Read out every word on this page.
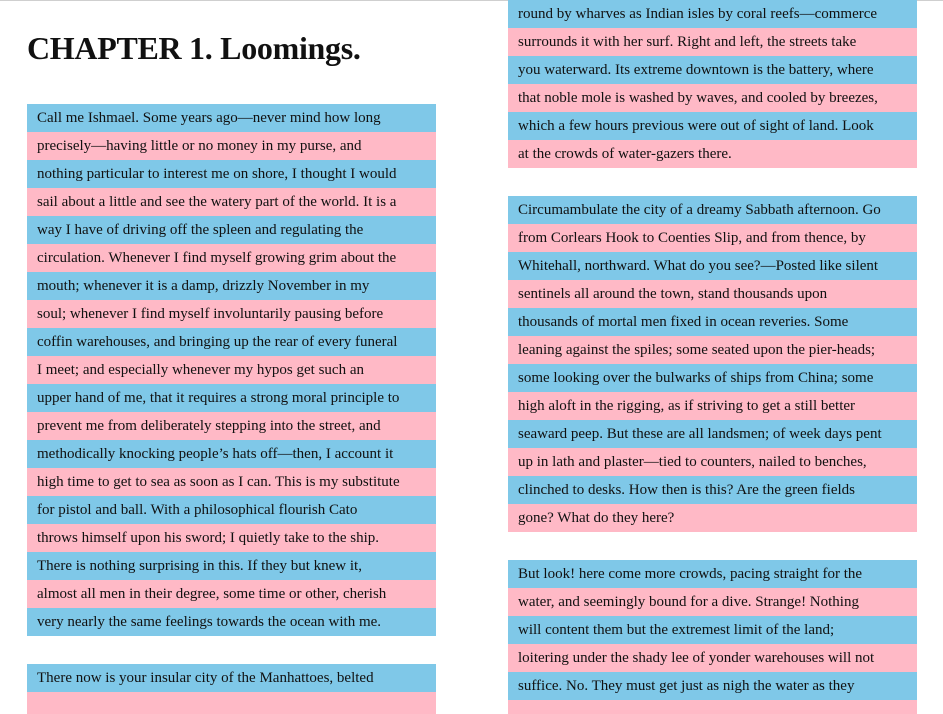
CHAPTER 1. Loomings.

Call me Ishmael. Some years ago—never mind how long
precisely—having little or no money in my purse, and
nothing particular to interest me on shore, I thought I would
sail about a little and see the watery part of the world. It is a
way I have of driving off the spleen and regulating the
circulation. Whenever I find myself growing grim about the
mouth; whenever it is a damp, drizzly November in my
soul; whenever I find myself involuntarily pausing before
coffin warehouses, and bringing up the rear of every funeral
I meet; and especially whenever my hypos get such an
upper hand of me, that it requires a strong moral principle to
prevent me from deliberately stepping into the street, and
methodically knocking people’s hats off—then, I account it
high time to get to sea as soon as I can. This is my substitute
for pistol and ball. With a philosophical flourish Cato
throws himself upon his sword; I quietly take to the ship.
There is nothing surprising in this. If they but knew it,
almost all men in their degree, some time or other, cherish
very nearly the same feelings towards the ocean with me.

There now is your insular city of the Manhattoes, belted

round by wharves as Indian isles by coral reefs—commerce
surrounds it with her surf. Right and left, the streets take
you waterward. Its extreme downtown is the battery, where
that noble mole is washed by waves, and cooled by breezes,
which a few hours previous were out of sight of land. Look
at the crowds of water-gazers there.

Circumambulate the city of a dreamy Sabbath afternoon. Go
from Corlears Hook to Coenties Slip, and from thence, by
Whitehall, northward. What do you see?—Posted like silent
sentinels all around the town, stand thousands upon
thousands of mortal men fixed in ocean reveries. Some
leaning against the spiles; some seated upon the pier-heads;
some looking over the bulwarks of ships from China; some
high aloft in the rigging, as if striving to get a still better
seaward peep. But these are all landsmen; of week days pent
up in lath and plaster—tied to counters, nailed to benches,
clinched to desks. How then is this? Are the green fields
gone? What do they here?

But look! here come more crowds, pacing straight for the
water, and seemingly bound for a dive. Strange! Nothing
will content them but the extremest limit of the land;
loitering under the shady lee of yonder warehouses will not
suffice. No. They must get just as nigh the water as they
